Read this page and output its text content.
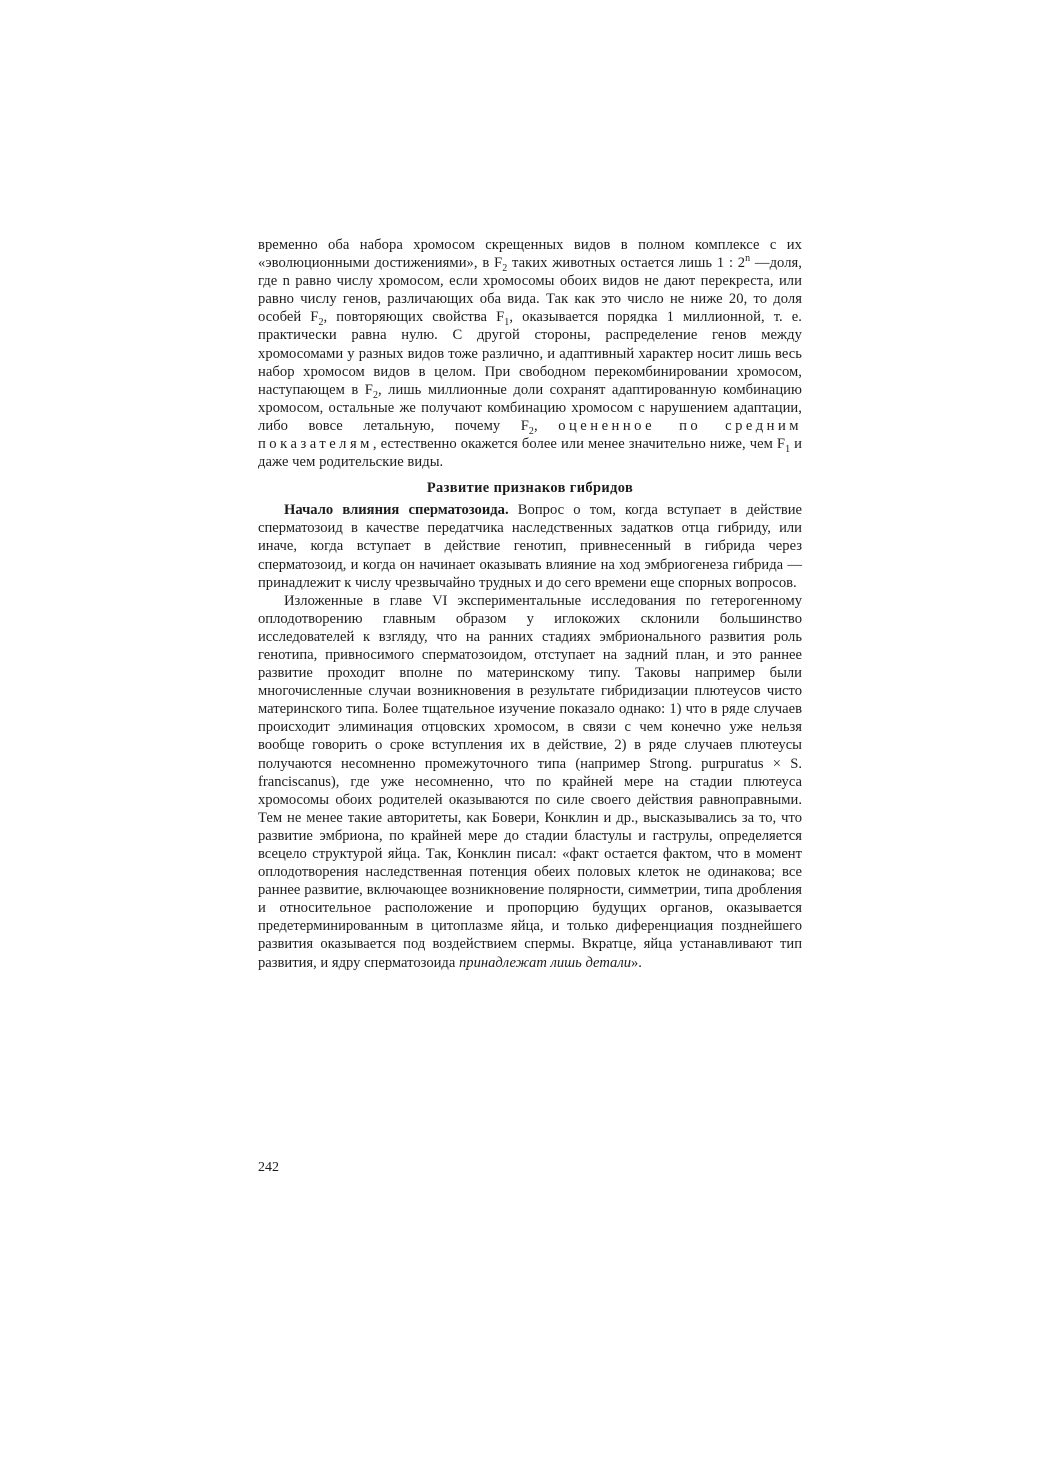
временно оба набора хромосом скрещенных видов в полном комплексе с их «эволюционными достижениями», в $F_2$ таких животных остается лишь 1 : 2$^n$ —доля, где n равно числу хромосом, если хромосомы обоих видов не дают перекреста, или равно числу генов, различающих оба вида. Так как это число не ниже 20, то доля особей $F_2$, повторяющих свойства $F_1$, оказывается порядка 1 миллионной, т. е. практически равна нулю. С другой стороны, распределение генов между хромосомами у разных видов тоже различно, и адаптивный характер носит лишь весь набор хромосом видов в целом. При свободном перекомбинировании хромосом, наступающем в $F_2$, лишь миллионные доли сохранят адаптированную комбинацию хромосом, остальные же получают комбинацию хромосом с нарушением адаптации, либо вовсе летальную, почему $F_2$, оцененное по средним показателям, естественно окажется более или менее значительно ниже, чем $F_1$ и даже чем родительские виды.

Развитие признаков гибридов

Начало влияния сперматозоида. Вопрос о том, когда вступает в действие сперматозоид в качестве передатчика наследственных задатков отца гибриду, или иначе, когда вступает в действие генотип, привнесенный в гибрида через сперматозоид, и когда он начинает оказывать влияние на ход эмбриогенеза гибрида — принадлежит к числу чрезвычайно трудных и до сего времени еще спорных вопросов.

Изложенные в главе VI экспериментальные исследования по гетерогенному оплодотворению главным образом у иглокожих склонили большинство исследователей к взгляду, что на ранних стадиях эмбрионального развития роль генотипа, привносимого сперматозоидом, отступает на задний план, и это раннее развитие проходит вполне по материнскому типу. Таковы например были многочисленные случаи возникновения в результате гибридизации плютеусов чисто материнского типа. Более тщательное изучение показало однако: 1) что в ряде случаев происходит элиминация отцовских хромосом, в связи с чем конечно уже нельзя вообще говорить о сроке вступления их в действие, 2) в ряде случаев плютеусы получаются несомненно промежуточного типа (например Strong. purpuratus × S. franciscanus), где уже несомненно, что по крайней мере на стадии плютеуса хромосомы обоих родителей оказываются по силе своего действия равноправными. Тем не менее такие авторитеты, как Бовери, Конклин и др., высказывались за то, что развитие эмбриона, по крайней мере до стадии бластулы и гаструлы, определяется всецело структурой яйца. Так, Конклин писал: «факт остается фактом, что в момент оплодотворения наследственная потенция обеих половых клеток не одинакова; все раннее развитие, включающее возникновение полярности, симметрии, типа дробления и относительное расположение и пропорцию будущих органов, оказывается предетерминированным в цитоплазме яйца, и только диференциация позднейшего развития оказывается под воздействием спермы. Вкратце, яйца устанавливают тип развития, и ядру сперматозоида принадлежат лишь детали».

242
